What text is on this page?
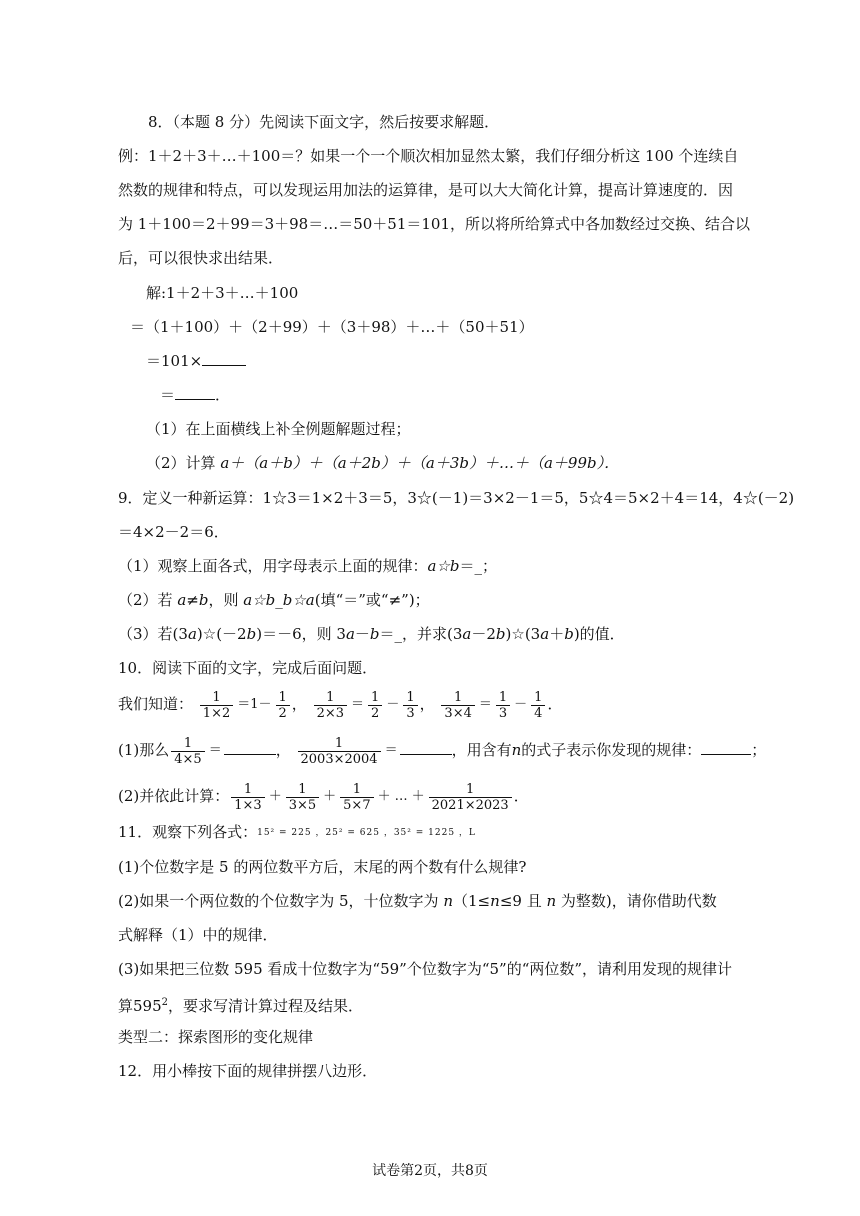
8．（本题 8 分）先阅读下面文字，然后按要求解题．
例：1＋2＋3＋…＋100＝？如果一个一个顺次相加显然太繁，我们仔细分析这 100 个连续自
然数的规律和特点，可以发现运用加法的运算律，是可以大大简化计算，提高计算速度的．因
为 1＋100＝2＋99＝3＋98＝…＝50＋51＝101，所以将所给算式中各加数经过交换、结合以
后，可以很快求出结果．
解:1＋2＋3＋…＋100
＝（1＋100）＋（2＋99）＋（3＋98）＋…＋（50＋51）
＝101×
＝	．
（1）在上面横线上补全例题解题过程；
（2）计算 a＋（a＋b）＋（a＋2b）＋（a＋3b）＋…＋（a＋99b）．
9．定义一种新运算：1☆3＝1×2＋3＝5，3☆(－1)＝3×2－1＝5，5☆4＝5×2＋4＝14，4☆(－2)
＝4×2－2＝6．
（1）观察上面各式，用字母表示上面的规律：a☆b＝_；
（2）若 a≠b，则 a☆b_b☆a(填“＝”或“≠”)；
（3）若(3a)☆(－2b)＝－6，则 3a－b＝_，并求(3a－2b)☆(3a＋b)的值．
10．阅读下面的文字，完成后面问题．
我们知道： $\frac{1}{1\times 2} =1- \frac{1}{2}$ ， $\frac{1}{2\times 3} = \frac{1}{2} - \frac{1}{3}$ ， $\frac{1}{3\times 4} = \frac{1}{3} - \frac{1}{4}$ ．
(1)那么 $\frac{1}{4\times 5}$ ＝	， $\frac{1}{2003\times 2004}$ ＝	，用含有n的式子表示你发现的规律：	；
(2)并依此计算： $\frac{1}{1\times 3} + \frac{1}{3\times 5} + \frac{1}{5\times 7}$ ＋ … ＋ $\frac{1}{2021\times 2023}$ ．
11．观察下列各式：15² = 225 ，25² = 625 ，35² = 1225 ，L
(1)个位数字是 5 的两位数平方后，末尾的两个数有什么规律?
(2)如果一个两位数的个位数字为 5，十位数字为 n（1≤n≤9 且 n 为整数)，请你借助代数
式解释（1）中的规律．
(3)如果把三位数 595 看成十位数字为“59”个位数字为“5”的“两位数”，请利用发现的规律计
算$595^2$，要求写清计算过程及结果．
类型二：探索图形的变化规律
12．用小棒按下面的规律拼摆八边形．
试卷第2页，共8页
